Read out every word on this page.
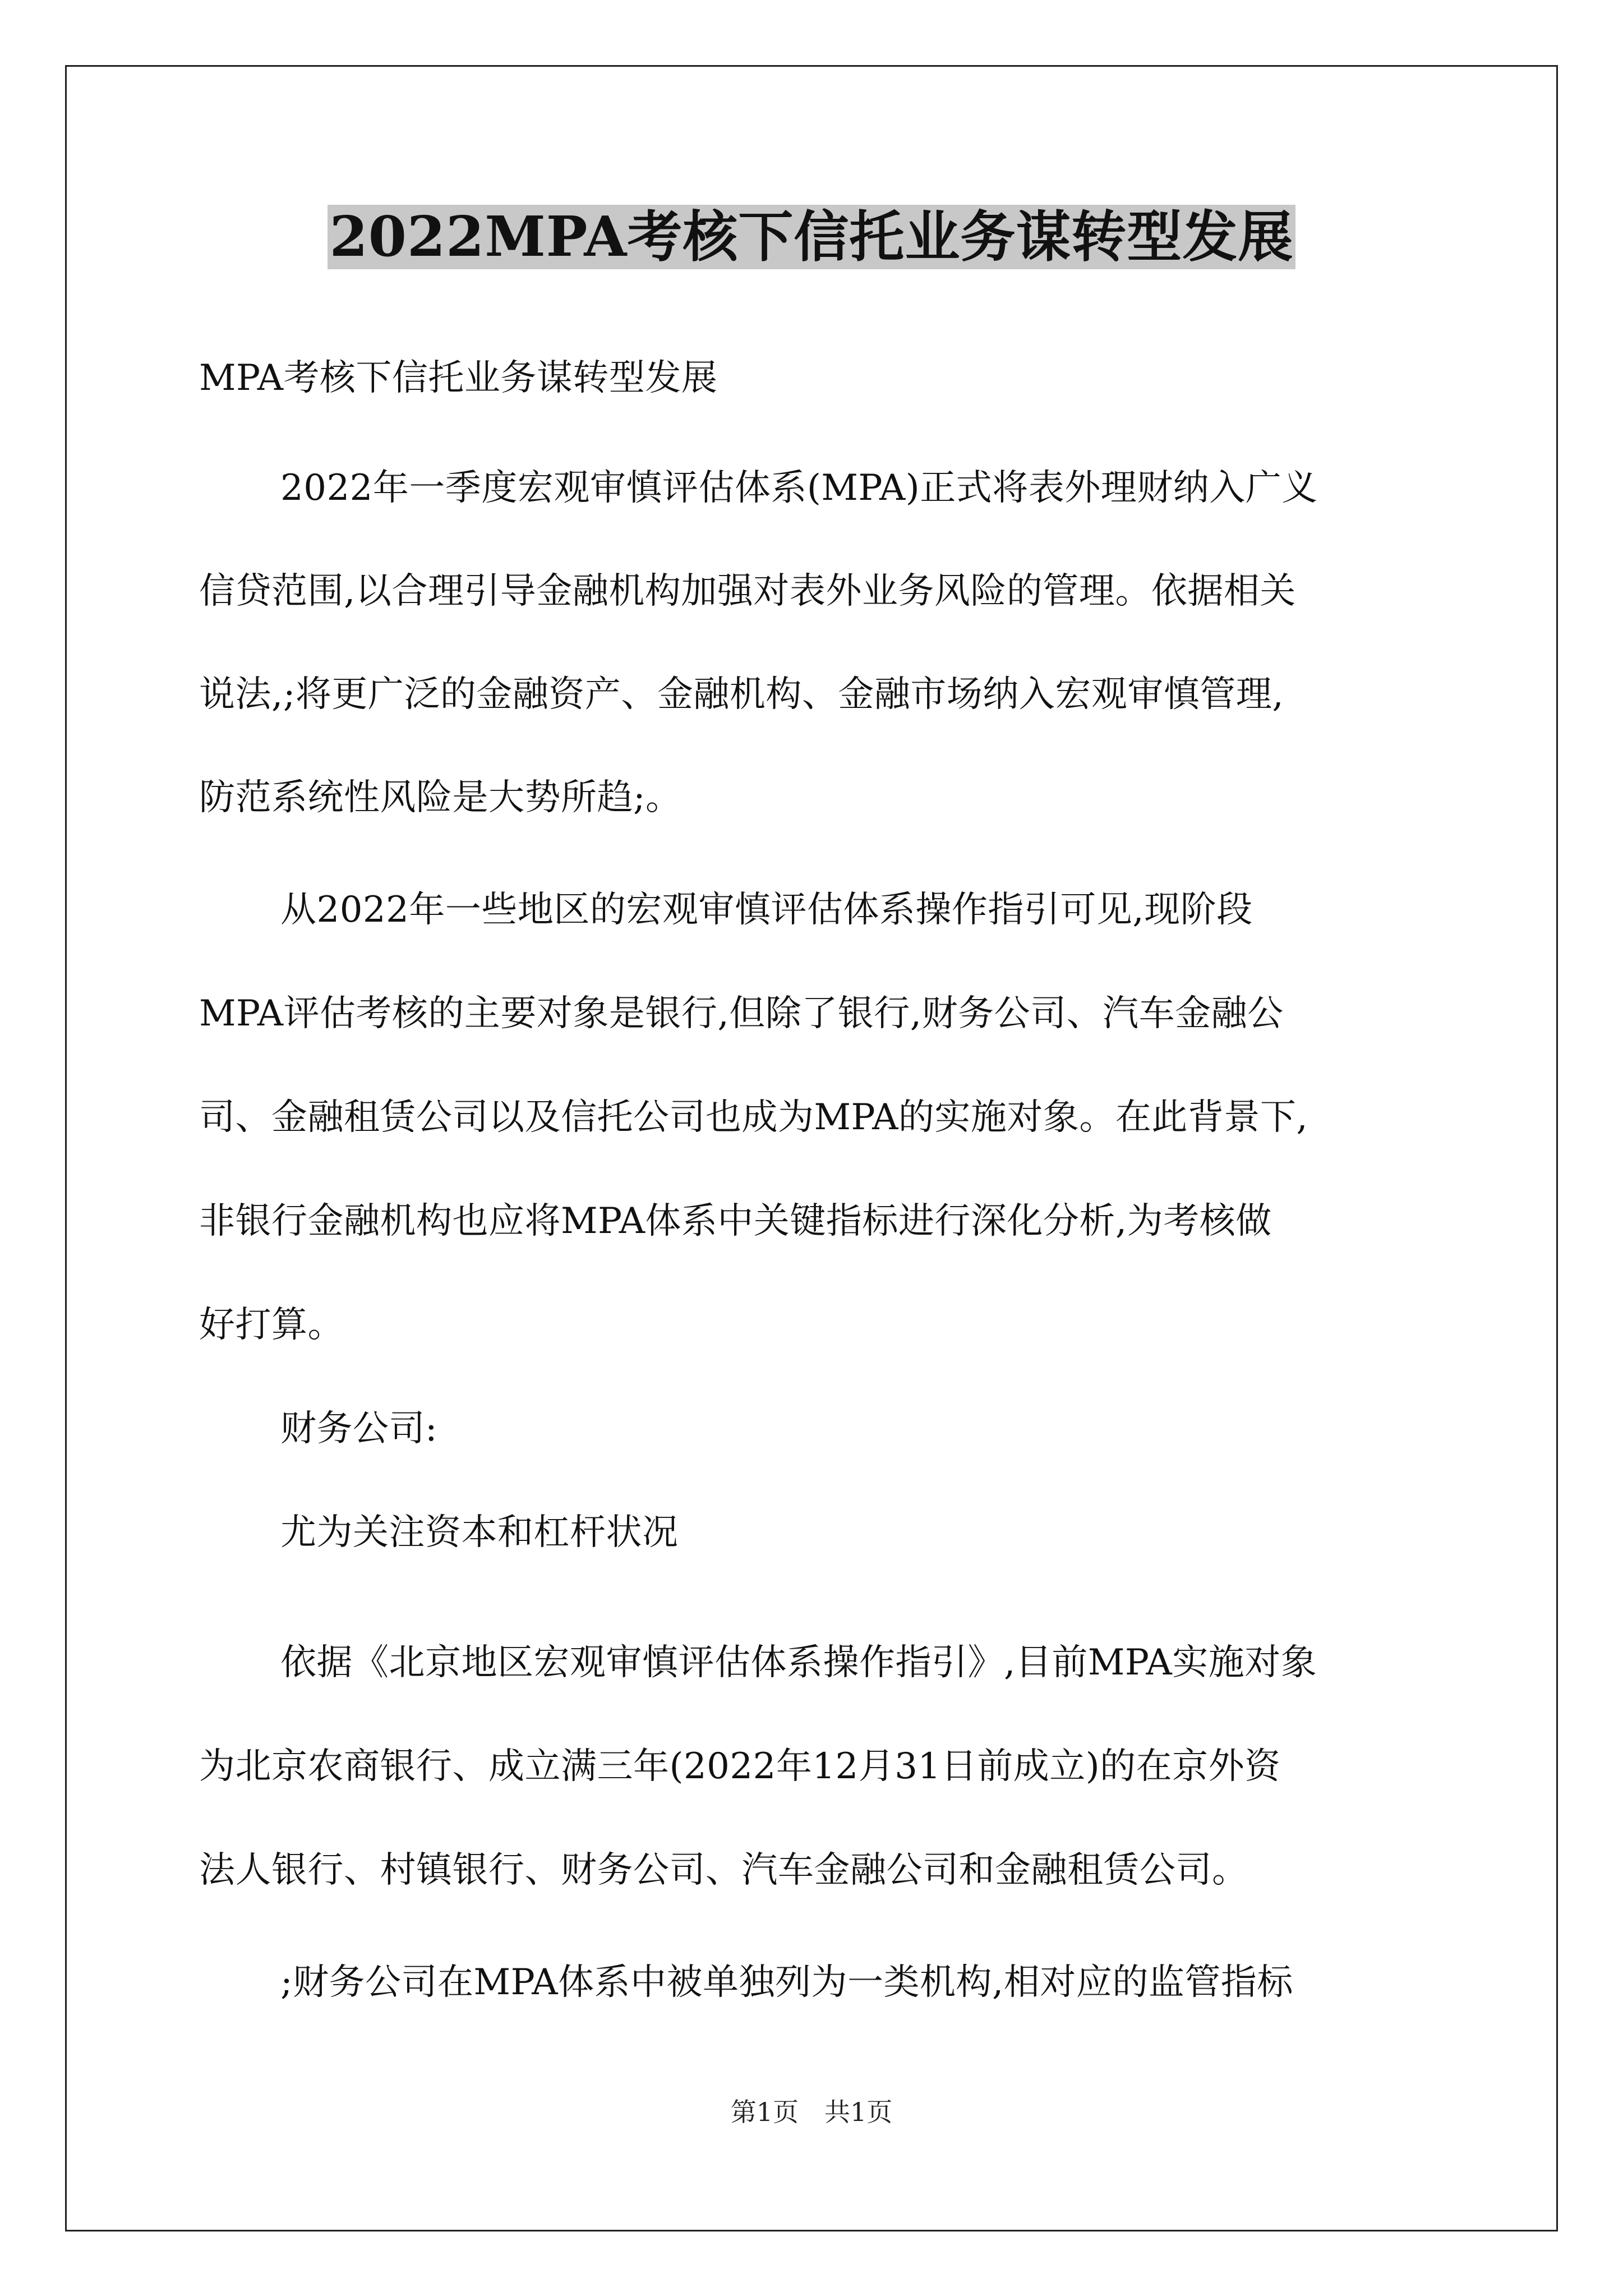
2022MPA考核下信托业务谋转型发展
MPA考核下信托业务谋转型发展
2022年一季度宏观审慎评估体系(MPA)正式将表外理财纳入广义
信贷范围,以合理引导金融机构加强对表外业务风险的管理。依据相关
说法,;将更广泛的金融资产、金融机构、金融市场纳入宏观审慎管理,
防范系统性风险是大势所趋;。
从2022年一些地区的宏观审慎评估体系操作指引可见,现阶段
MPA评估考核的主要对象是银行,但除了银行,财务公司、汽车金融公
司、金融租赁公司以及信托公司也成为MPA的实施对象。在此背景下,
非银行金融机构也应将MPA体系中关键指标进行深化分析,为考核做
好打算。
财务公司:
尤为关注资本和杠杆状况
依据《北京地区宏观审慎评估体系操作指引》,目前MPA实施对象
为北京农商银行、成立满三年(2022年12月31日前成立)的在京外资
法人银行、村镇银行、财务公司、汽车金融公司和金融租赁公司。
;财务公司在MPA体系中被单独列为一类机构,相对应的监管指标
第1页　共1页
